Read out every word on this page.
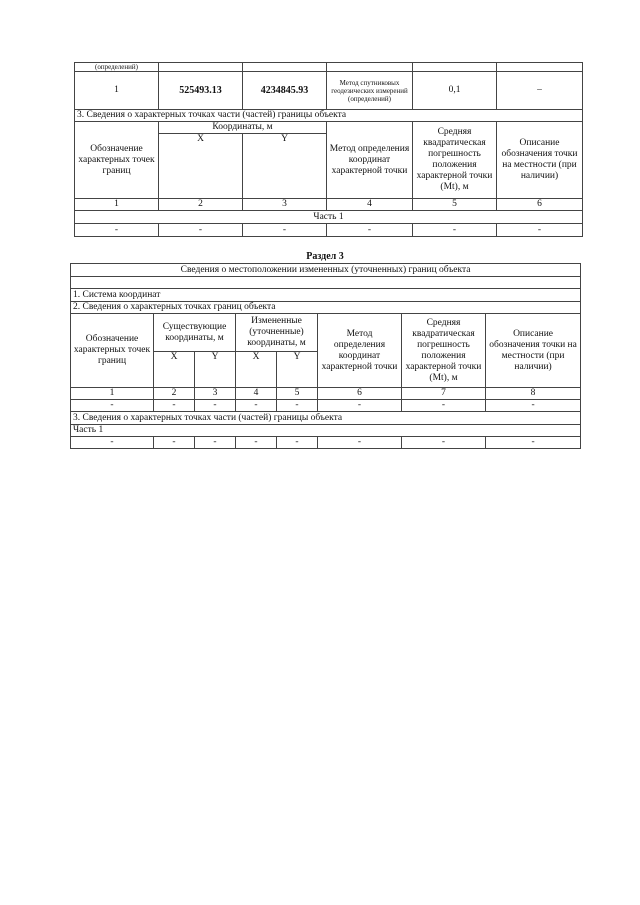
(определений)					
1	525493.13	4234845.93	Метод спутниковых геодезических измерений (определений)	0,1	–
3. Сведения о характерных точках части (частей) границы объекта					
Обозначение характерных точек границ	Координаты, м		Метод определения координат характерной точки	Средняя квадратическая погрешность положения характерной точки (Mt), м	Описание обозначения точки на местности (при наличии)
	X	Y			

1	2	3	4	5	6
Часть 1					
-	-	-	-	-	-
Раздел 3
Сведения о местоположении измененных (уточненных) границ объекта							

1. Система координат							
2. Сведения о характерных точках границ объекта							
Обозначение характерных точек границ	Существующие координаты, м		Измененные (уточненные) координаты, м		Метод определения координат характерной точки	Средняя квадратическая погрешность положения характерной точки (Mt), м	Описание обозначения точки на местности (при наличии)
	X	Y	X	Y			
1	2	3	4	5	6	7	8
-	-	-	-	-	-	-	-
3. Сведения о характерных точках части (частей) границы объекта							
Часть 1							
-	-	-	-	-	-	-	-
